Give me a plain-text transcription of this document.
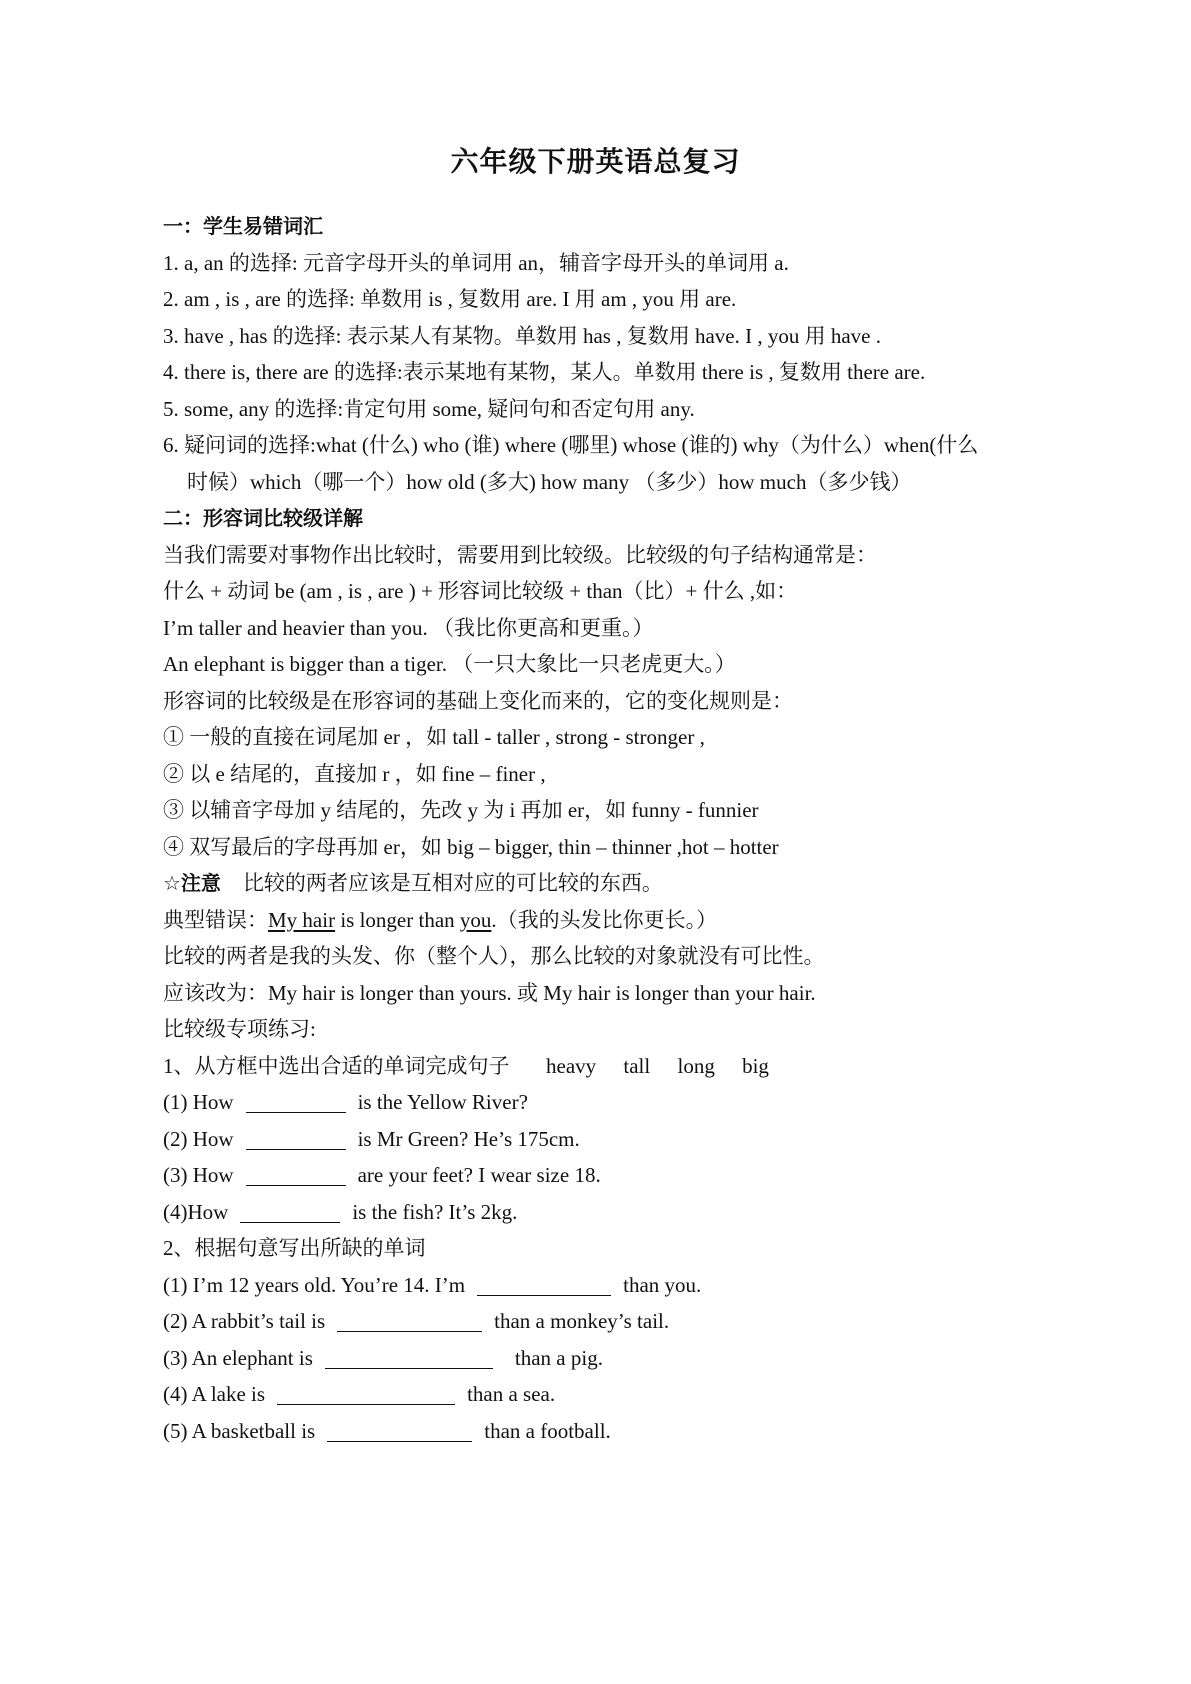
六年级下册英语总复习
一：学生易错词汇
1. a, an 的选择: 元音字母开头的单词用 an，辅音字母开头的单词用 a.
2. am , is , are 的选择: 单数用 is , 复数用 are. I 用 am , you 用 are.
3. have , has 的选择: 表示某人有某物。单数用 has , 复数用 have. I , you 用 have .
4. there is, there are 的选择:表示某地有某物，某人。单数用 there is , 复数用 there are.
5. some, any 的选择:肯定句用 some, 疑问句和否定句用 any.
6. 疑问词的选择:what (什么) who (谁) where (哪里) whose (谁的) why（为什么）when(什么
时候）which（哪一个）how old (多大) how many （多少）how much（多少钱）
二：形容词比较级详解
当我们需要对事物作出比较时，需要用到比较级。比较级的句子结构通常是：
什么 + 动词 be (am , is , are ) + 形容词比较级 + than（比）+ 什么 ,如：
I’m taller and heavier than you. （我比你更高和更重。）
An elephant is bigger than a tiger. （一只大象比一只老虎更大。）
形容词的比较级是在形容词的基础上变化而来的，它的变化规则是：
① 一般的直接在词尾加 er ，如 tall - taller , strong - stronger ,
② 以 e 结尾的，直接加 r ，如 fine – finer ,
③ 以辅音字母加 y 结尾的，先改 y 为 i 再加 er，如 funny - funnier
④ 双写最后的字母再加 er，如 big – bigger, thin – thinner ,hot – hotter
☆注意 比较的两者应该是互相对应的可比较的东西。
典型错误：My hair is longer than you.（我的头发比你更长。）
比较的两者是我的头发、你（整个人），那么比较的对象就没有可比性。
应该改为：My hair is longer than yours. 或 My hair is longer than your hair.
比较级专项练习:
1、从方框中选出合适的单词完成句子 heavy tall long big
(1) How	is the Yellow River?
(2) How	is Mr Green? He’s 175cm.
(3) How	are your feet? I wear size 18.
(4)How	is the fish? It’s 2kg.
2、根据句意写出所缺的单词
(1) I’m 12 years old. You’re 14. I’m	than you.
(2) A rabbit’s tail is	than a monkey’s tail.
(3) An elephant is	than a pig.
(4) A lake is	than a sea.
(5) A basketball is	than a football.
